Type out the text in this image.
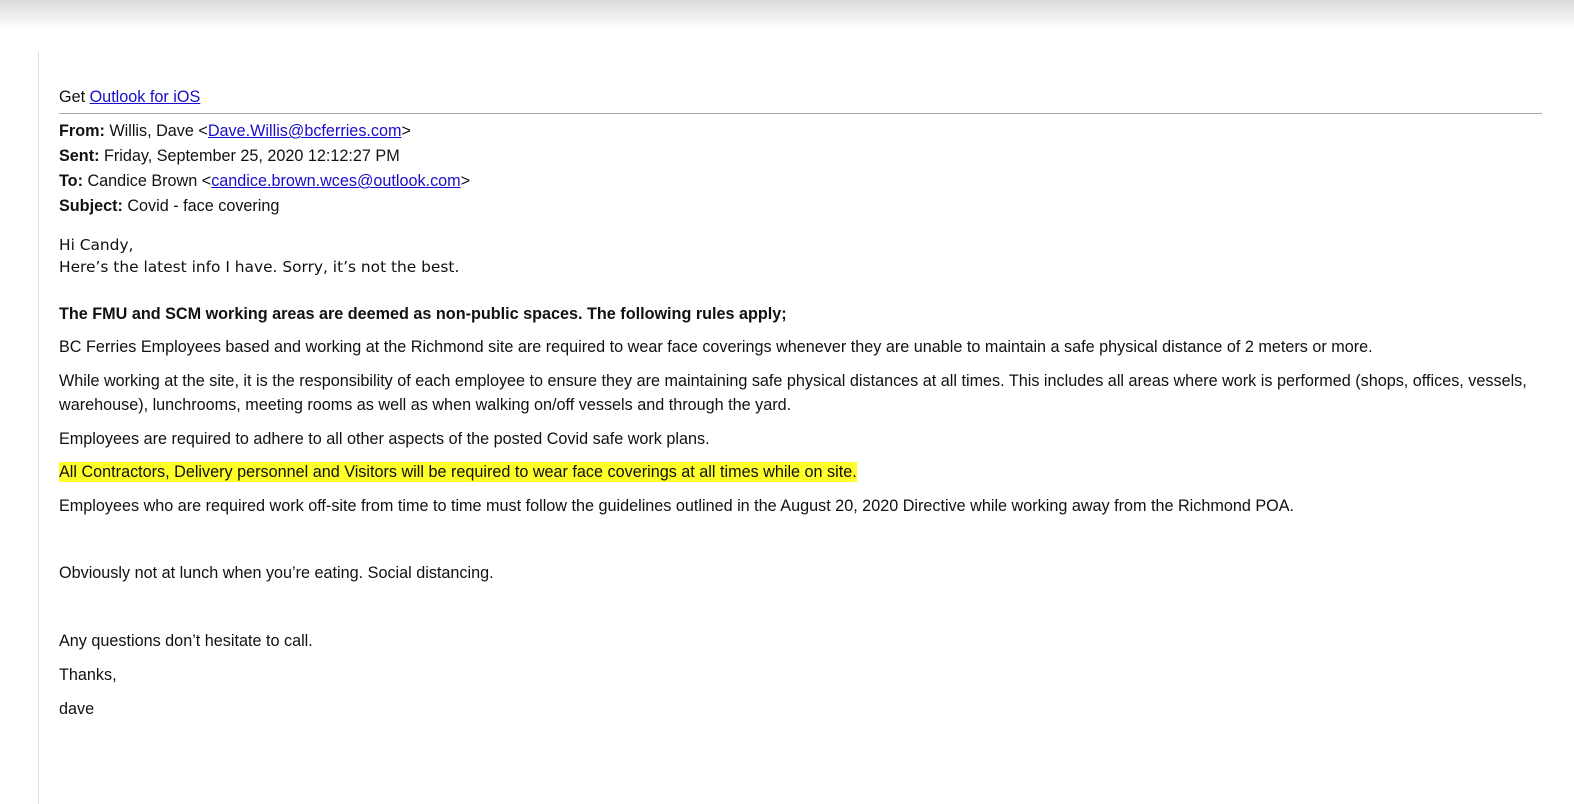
Get Outlook for iOS
From: Willis, Dave <Dave.Willis@bcferries.com>
Sent: Friday, September 25, 2020 12:12:27 PM
To: Candice Brown <candice.brown.wces@outlook.com>
Subject: Covid - face covering
Hi Candy,
Here’s the latest info I have. Sorry, it’s not the best.
The FMU and SCM working areas are deemed as non-public spaces. The following rules apply;
BC Ferries Employees based and working at the Richmond site are required to wear face coverings whenever they are unable to maintain a safe physical distance of 2 meters or more.
While working at the site, it is the responsibility of each employee to ensure they are maintaining safe physical distances at all times. This includes all areas where work is performed (shops, offices, vessels, warehouse), lunchrooms, meeting rooms as well as when walking on/off vessels and through the yard.
Employees are required to adhere to all other aspects of the posted Covid safe work plans.
All Contractors, Delivery personnel and Visitors will be required to wear face coverings at all times while on site.
Employees who are required work off-site from time to time must follow the guidelines outlined in the August 20, 2020 Directive while working away from the Richmond POA.
Obviously not at lunch when you’re eating. Social distancing.
Any questions don’t hesitate to call.
Thanks,
dave
